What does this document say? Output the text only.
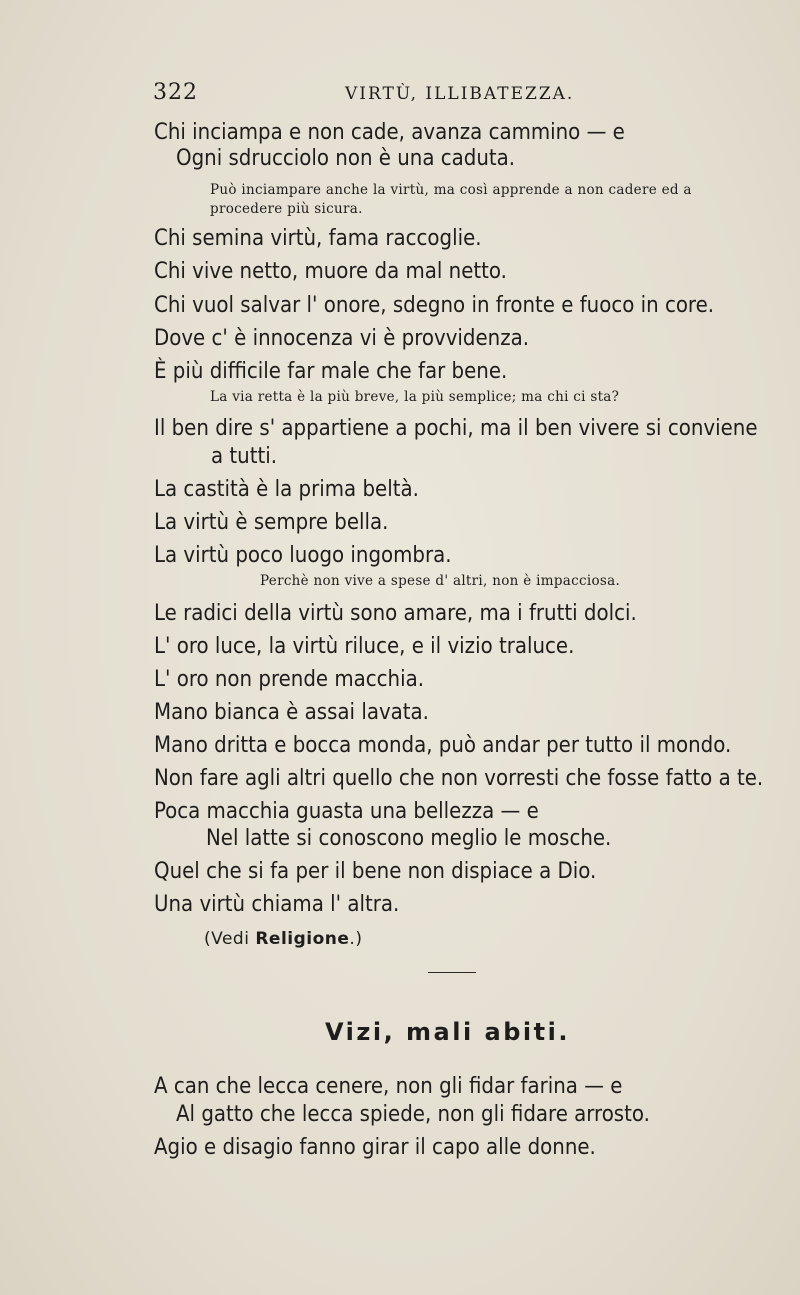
322	VIRTÙ, ILLIBATEZZA.

Chi inciampa e non cade, avanza cammino — e

Ogni sdrucciolo non è una caduta.

Può inciampare anche la virtù, ma così apprende a non cadere ed a
procedere più sicura.

Chi semina virtù, fama raccoglie.

Chi vive netto, muore da mal netto.

Chi vuol salvar l' onore, sdegno in fronte e fuoco in core.

Dove c' è innocenza vi è provvidenza.

È più difficile far male che far bene.

La via retta è la più breve, la più semplice; ma chi ci sta?

Il ben dire s' appartiene a pochi, ma il ben vivere si conviene

a tutti.

La castità è la prima beltà.

La virtù è sempre bella.

La virtù poco luogo ingombra.

Perchè non vive a spese d' altri, non è impacciosa.

Le radici della virtù sono amare, ma i frutti dolci.

L' oro luce, la virtù riluce, e il vizio traluce.

L' oro non prende macchia.

Mano bianca è assai lavata.

Mano dritta e bocca monda, può andar per tutto il mondo.

Non fare agli altri quello che non vorresti che fosse fatto a te.

Poca macchia guasta una bellezza — e

Nel latte si conoscono meglio le mosche.

Quel che si fa per il bene non dispiace a Dio.

Una virtù chiama l' altra.

(Vedi Religione.)
Vizi, mali abiti.

A can che lecca cenere, non gli fidar farina — e

Al gatto che lecca spiede, non gli fidare arrosto.

Agio e disagio fanno girar il capo alle donne.
